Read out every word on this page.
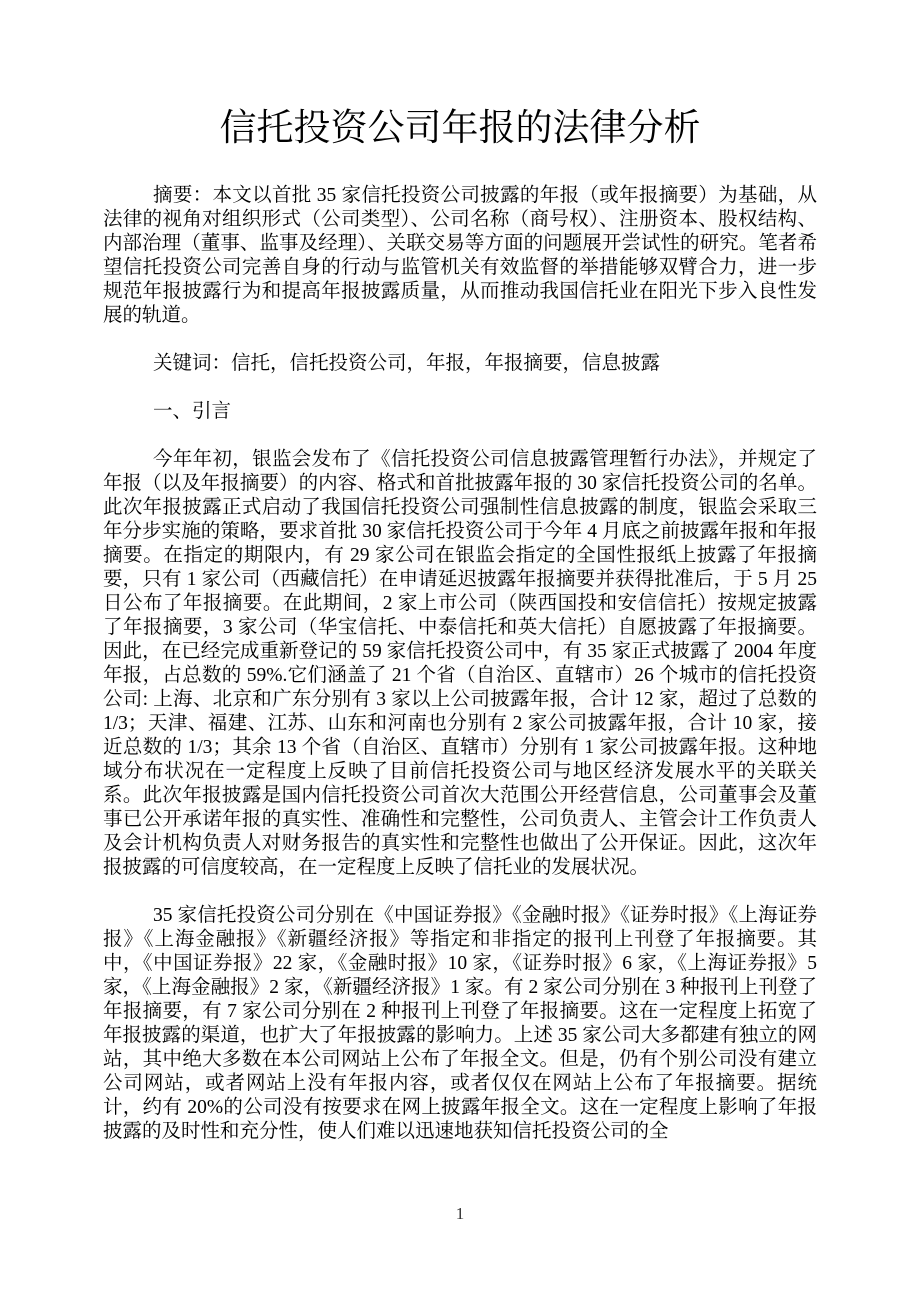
信托投资公司年报的法律分析

摘要：本文以首批 35 家信托投资公司披露的年报（或年报摘要）为基础，从法律的视角对组织形式（公司类型）、公司名称（商号权）、注册资本、股权结构、内部治理（董事、监事及经理）、关联交易等方面的问题展开尝试性的研究。笔者希望信托投资公司完善自身的行动与监管机关有效监督的举措能够双臂合力，进一步规范年报披露行为和提高年报披露质量，从而推动我国信托业在阳光下步入良性发展的轨道。

关键词：信托，信托投资公司，年报，年报摘要，信息披露

一、引言

今年年初，银监会发布了《信托投资公司信息披露管理暂行办法》，并规定了年报（以及年报摘要）的内容、格式和首批披露年报的 30 家信托投资公司的名单。此次年报披露正式启动了我国信托投资公司强制性信息披露的制度，银监会采取三年分步实施的策略，要求首批 30 家信托投资公司于今年 4 月底之前披露年报和年报摘要。在指定的期限内，有 29 家公司在银监会指定的全国性报纸上披露了年报摘要，只有 1 家公司（西藏信托）在申请延迟披露年报摘要并获得批准后，于 5 月 25 日公布了年报摘要。在此期间，2 家上市公司（陕西国投和安信信托）按规定披露了年报摘要，3 家公司（华宝信托、中泰信托和英大信托）自愿披露了年报摘要。因此，在已经完成重新登记的 59 家信托投资公司中，有 35 家正式披露了 2004 年度年报，占总数的 59%.它们涵盖了 21 个省（自治区、直辖市）26 个城市的信托投资公司: 上海、北京和广东分别有 3 家以上公司披露年报，合计 12 家，超过了总数的 1/3；天津、福建、江苏、山东和河南也分别有 2 家公司披露年报，合计 10 家，接近总数的 1/3；其余 13 个省（自治区、直辖市）分别有 1 家公司披露年报。这种地域分布状况在一定程度上反映了目前信托投资公司与地区经济发展水平的关联关系。此次年报披露是国内信托投资公司首次大范围公开经营信息，公司董事会及董事已公开承诺年报的真实性、准确性和完整性，公司负责人、主管会计工作负责人及会计机构负责人对财务报告的真实性和完整性也做出了公开保证。因此，这次年报披露的可信度较高，在一定程度上反映了信托业的发展状况。

35 家信托投资公司分别在《中国证券报》《金融时报》《证券时报》《上海证券报》《上海金融报》《新疆经济报》等指定和非指定的报刊上刊登了年报摘要。其中，《中国证券报》22 家，《金融时报》10 家，《证券时报》6 家，《上海证券报》5 家，《上海金融报》2 家，《新疆经济报》1 家。有 2 家公司分别在 3 种报刊上刊登了年报摘要，有 7 家公司分别在 2 种报刊上刊登了年报摘要。这在一定程度上拓宽了年报披露的渠道，也扩大了年报披露的影响力。上述 35 家公司大多都建有独立的网站，其中绝大多数在本公司网站上公布了年报全文。但是，仍有个别公司没有建立公司网站，或者网站上没有年报内容，或者仅仅在网站上公布了年报摘要。据统计，约有 20%的公司没有按要求在网上披露年报全文。这在一定程度上影响了年报披露的及时性和充分性，使人们难以迅速地获知信托投资公司的全

1
